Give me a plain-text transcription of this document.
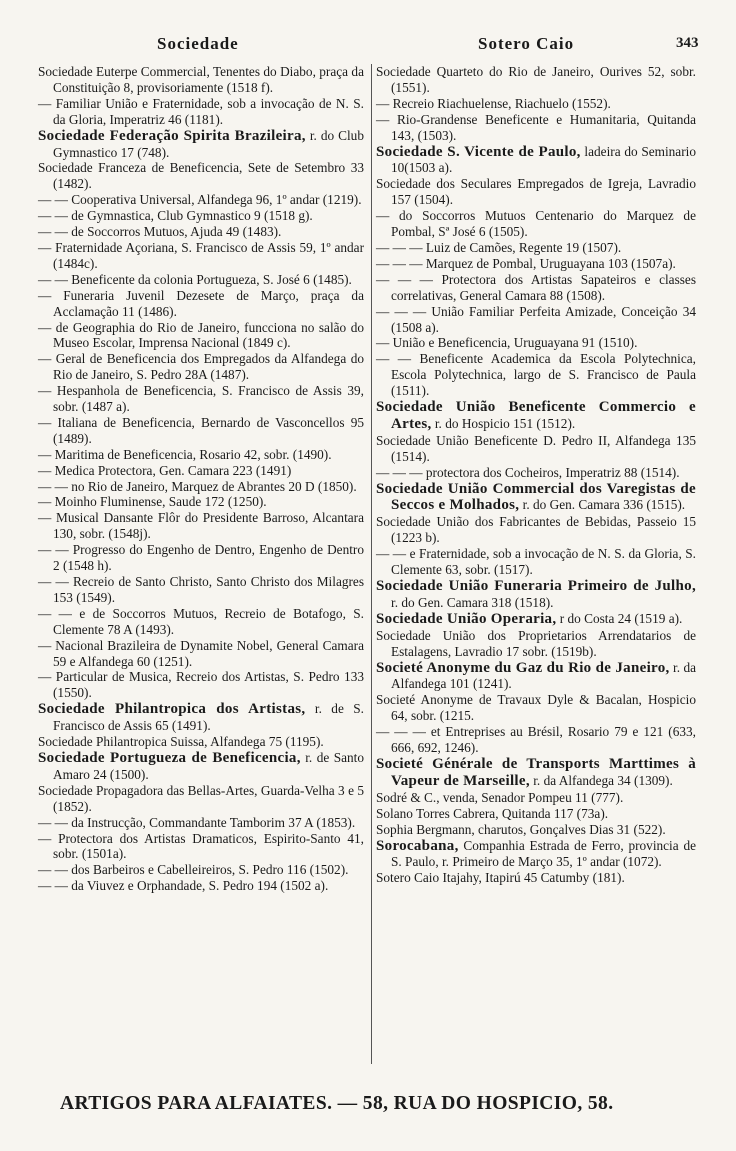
Sociedade	Sotero Caio	343
Sociedade Euterpe Commercial, Tenentes do Diabo, praça da Constituição 8, provisoriamente (1518 f).
— Familiar União e Fraternidade, sob a invocação de N. S. da Gloria, Imperatriz 46 (1181).
Sociedade Federação Spirita Brazileira, r. do Club Gymnastico 17 (748).
Sociedade Franceza de Beneficencia, Sete de Setembro 33 (1482).
— — Cooperativa Universal, Alfandega 96, 1º andar (1219).
— — de Gymnastica, Club Gymnastico 9 (1518 g).
— — de Soccorros Mutuos, Ajuda 49 (1483).
— Fraternidade Açoriana, S. Francisco de Assis 59, 1º andar (1484c).
— — Beneficente da colonia Portugueza, S. José 6 (1485).
— Funeraria Juvenil Dezesete de Março, praça da Acclamação 11 (1486).
— de Geographia do Rio de Janeiro, funcciona no salão do Museo Escolar, Imprensa Nacional (1849 c).
— Geral de Beneficencia dos Empregados da Alfandega do Rio de Janeiro, S. Pedro 28A (1487).
— Hespanhola de Beneficencia, S. Francisco de Assis 39, sobr. (1487 a).
— Italiana de Beneficencia, Bernardo de Vasconcellos 95 (1489).
— Maritima de Beneficencia, Rosario 42, sobr. (1490).
— Medica Protectora, Gen. Camara 223 (1491)
— — no Rio de Janeiro, Marquez de Abrantes 20 D (1850).
— Moinho Fluminense, Saude 172 (1250).
— Musical Dansante Flôr do Presidente Barroso, Alcantara 130, sobr. (1548j).
— — Progresso do Engenho de Dentro, Engenho de Dentro 2 (1548 h).
— — Recreio de Santo Christo, Santo Christo dos Milagres 153 (1549).
— — e de Soccorros Mutuos, Recreio de Botafogo, S. Clemente 78 A (1493).
— Nacional Brazileira de Dynamite Nobel, General Camara 59 e Alfandega 60 (1251).
— Particular de Musica, Recreio dos Artistas, S. Pedro 133 (1550).
Sociedade Philantropica dos Artistas, r. de S. Francisco de Assis 65 (1491).
Sociedade Philantropica Suissa, Alfandega 75 (1195).
Sociedade Portugueza de Beneficencia, r. de Santo Amaro 24 (1500).
Sociedade Propagadora das Bellas-Artes, Guarda-Velha 3 e 5 (1852).
— — da Instrucção, Commandante Tamborim 37 A (1853).
— Protectora dos Artistas Dramaticos, Espirito-Santo 41, sobr. (1501a).
— — dos Barbeiros e Cabelleireiros, S. Pedro 116 (1502).
— — da Viuvez e Orphandade, S. Pedro 194 (1502 a).
Sociedade Quarteto do Rio de Janeiro, Ourives 52, sobr. (1551).
— Recreio Riachuelense, Riachuelo (1552).
— Rio-Grandense Beneficente e Humanitaria, Quitanda 143, (1503).
Sociedade S. Vicente de Paulo, ladeira do Seminario 10(1503 a).
Sociedade dos Seculares Empregados de Igreja, Lavradio 157 (1504).
— do Soccorros Mutuos Centenario do Marquez de Pombal, Sª José 6 (1505).
— — — Luiz de Camões, Regente 19 (1507).
— — — Marquez de Pombal, Uruguayana 103 (1507a).
— — — Protectora dos Artistas Sapateiros e classes correlativas, General Camara 88 (1508).
— — — União Familiar Perfeita Amizade, Conceição 34 (1508 a).
— União e Beneficencia, Uruguayana 91 (1510).
— — Beneficente Academica da Escola Polytechnica, Escola Polytechnica, largo de S. Francisco de Paula (1511).
Sociedade União Beneficente Commercio e Artes, r. do Hospicio 151 (1512).
Sociedade União Beneficente D. Pedro II, Alfandega 135 (1514).
— — — protectora dos Cocheiros, Imperatriz 88 (1514).
Sociedade União Commercial dos Varegistas de Seccos e Molhados, r. do Gen. Camara 336 (1515).
Sociedade União dos Fabricantes de Bebidas, Passeio 15 (1223 b).
— — e Fraternidade, sob a invocação de N. S. da Gloria, S. Clemente 63, sobr. (1517).
Sociedade União Funeraria Primeiro de Julho, r. do Gen. Camara 318 (1518).
Sociedade União Operaria, r do Costa 24 (1519 a).
Sociedade União dos Proprietarios Arrendatarios de Estalagens, Lavradio 17 sobr. (1519b).
Societé Anonyme du Gaz du Rio de Janeiro, r. da Alfandega 101 (1241).
Societé Anonyme de Travaux Dyle & Bacalan, Hospicio 64, sobr. (1215.
— — — et Entreprises au Brésil, Rosario 79 e 121 (633, 666, 692, 1246).
Societé Générale de Transports Marttimes à Vapeur de Marseille, r. da Alfandega 34 (1309).
Sodré & C., venda, Senador Pompeu 11 (777).
Solano Torres Cabrera, Quitanda 117 (73a).
Sophia Bergmann, charutos, Gonçalves Dias 31 (522).
Sorocabana, Companhia Estrada de Ferro, provincia de S. Paulo, r. Primeiro de Março 35, 1º andar (1072).
Sotero Caio Itajahy, Itapirú 45 Catumby (181).
ARTIGOS PARA ALFAIATES. — 58, RUA DO HOSPICIO, 58.
